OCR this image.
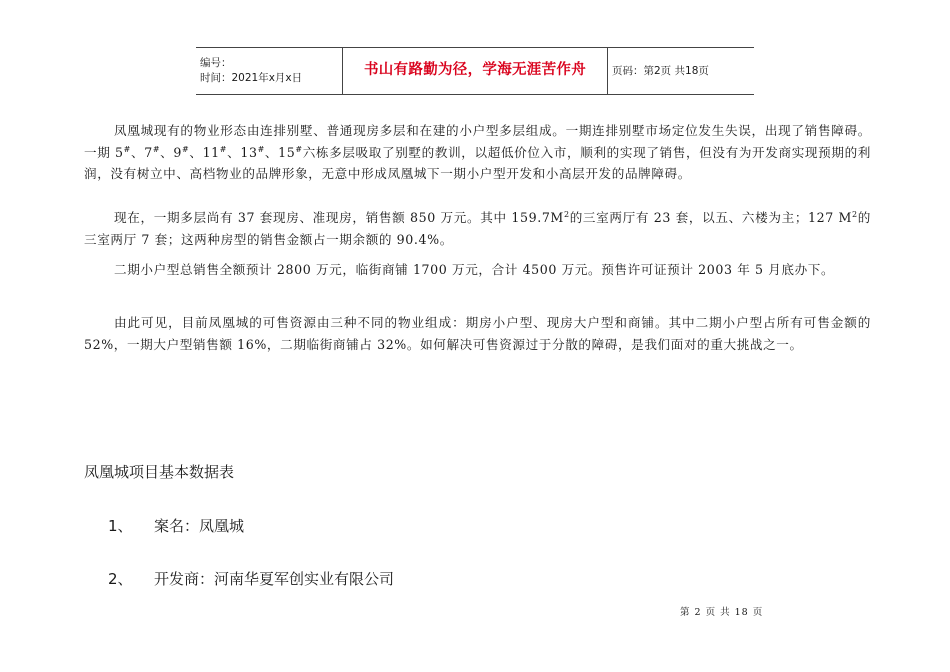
编号：
时间：2021年x月x日	书山有路勤为径，学海无涯苦作舟	页码：第2页 共18页

凤凰城现有的物业形态由连排别墅、普通现房多层和在建的小户型多层组成。一期连排别墅市场定位发生失误，出现了销售障碍。一期 5#、7#、9#、11#、13#、15#六栋多层吸取了别墅的教训，以超低价位入市，顺利的实现了销售，但没有为开发商实现预期的利润，没有树立中、高档物业的品牌形象，无意中形成凤凰城下一期小户型开发和小高层开发的品牌障碍。

现在，一期多层尚有 37 套现房、准现房，销售额 850 万元。其中 $159.7M^2$的三室两厅有 23 套，以五、六楼为主；127 $M^2$的三室两厅 7 套；这两种房型的销售金额占一期余额的 90.4%。

二期小户型总销售全额预计 2800 万元，临街商铺 1700 万元，合计 4500 万元。预售许可证预计 2003 年 5 月底办下。

由此可见，目前凤凰城的可售资源由三种不同的物业组成：期房小户型、现房大户型和商铺。其中二期小户型占所有可售金额的 52%，一期大户型销售额 16%，二期临街商铺占 32%。如何解决可售资源过于分散的障碍，是我们面对的重大挑战之一。

凤凰城项目基本数据表
1、 案名：凤凰城
2、 开发商：河南华夏军创实业有限公司
第 2 页 共 18 页
